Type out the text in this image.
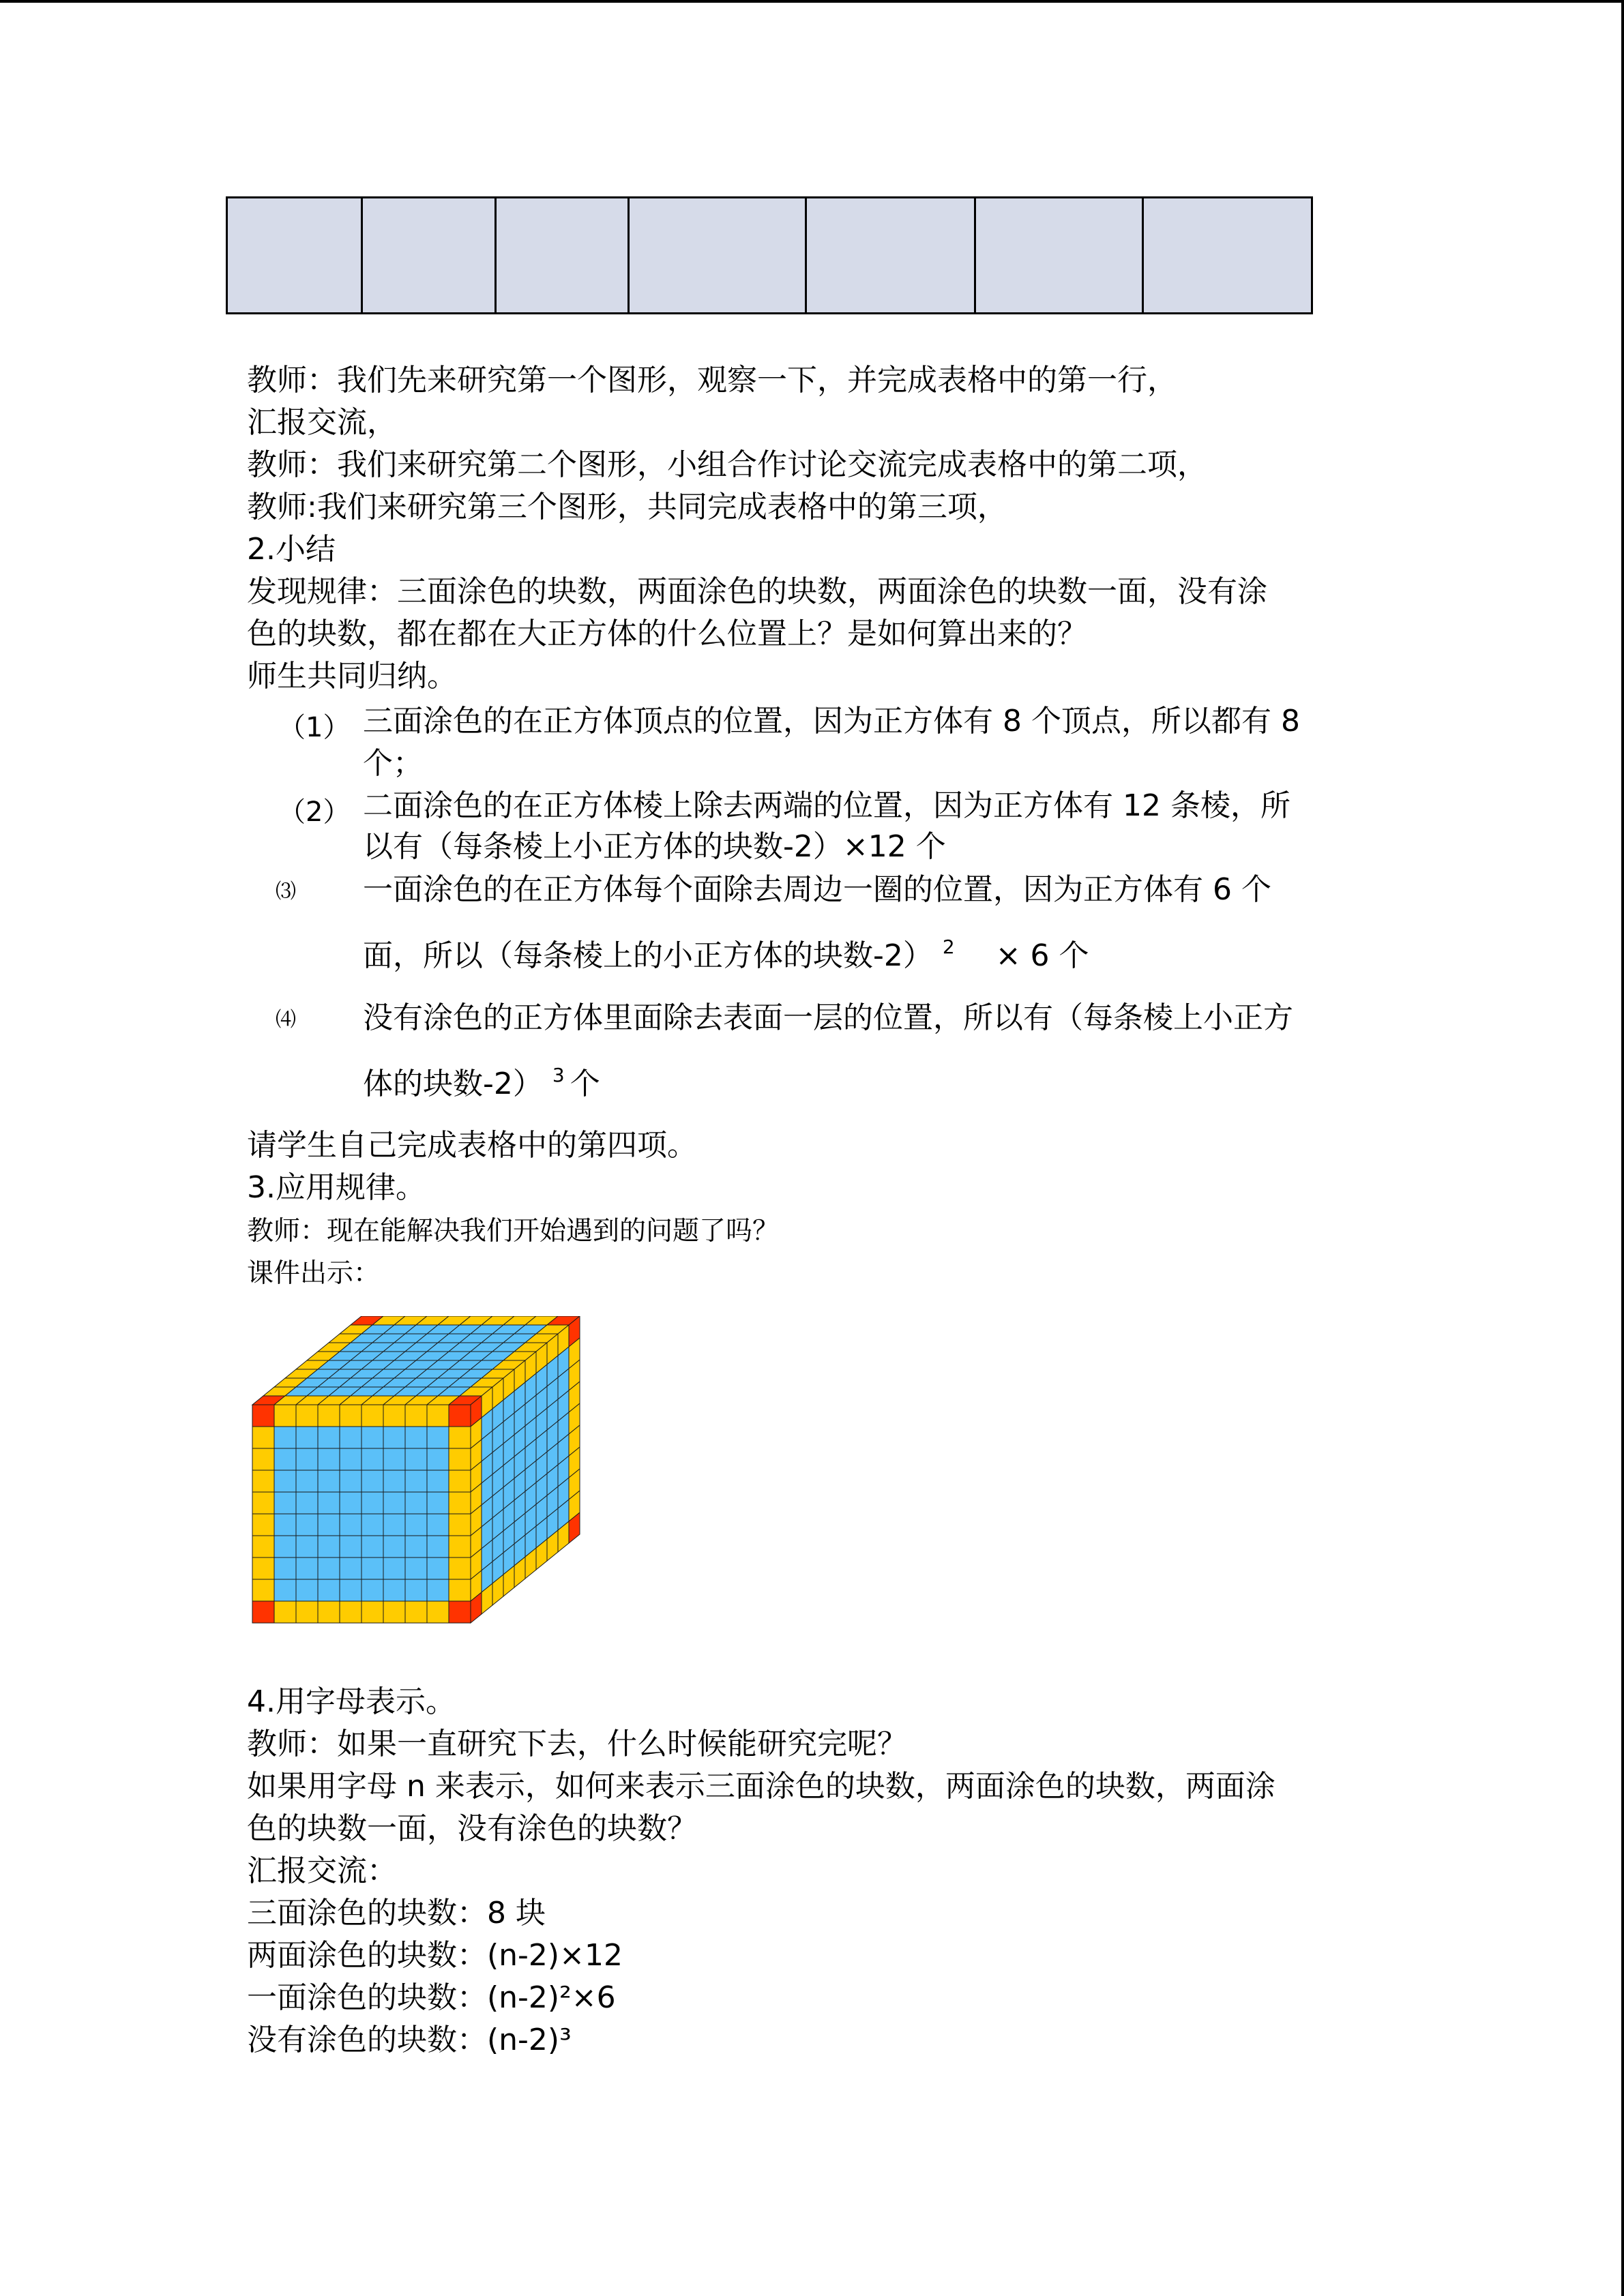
教师：我们先来研究第一个图形，观察一下，并完成表格中的第一行，
汇报交流，
教师：我们来研究第二个图形，小组合作讨论交流完成表格中的第二项，
教师:我们来研究第三个图形，共同完成表格中的第三项，
2.小结
发现规律：三面涂色的块数，两面涂色的块数，两面涂色的块数一面，没有涂
色的块数，都在都在大正方体的什么位置上？是如何算出来的？
师生共同归纳。
（1） 三面涂色的在正方体顶点的位置，因为正方体有 8 个顶点，所以都有 8
个；
（2） 二面涂色的在正方体棱上除去两端的位置，因为正方体有 12 条棱，所
以有（每条棱上小正方体的块数-2）×12 个
⑶ 一面涂色的在正方体每个面除去周边一圈的位置，因为正方体有 6 个
面，所以（每条棱上的小正方体的块数-2） $^2$ × 6 个
⑷ 没有涂色的正方体里面除去表面一层的位置，所以有（每条棱上小正方
体的块数-2） $^3$ 个
请学生自己完成表格中的第四项。
3.应用规律。
教师：现在能解决我们开始遇到的问题了吗？
课件出示：
4.用字母表示。
教师：如果一直研究下去，什么时候能研究完呢？
如果用字母 n 来表示，如何来表示三面涂色的块数，两面涂色的块数，两面涂
色的块数一面，没有涂色的块数？
汇报交流：
三面涂色的块数：8 块
两面涂色的块数：(n-2)×12
一面涂色的块数：(n-2)²×6
没有涂色的块数：(n-2)³
